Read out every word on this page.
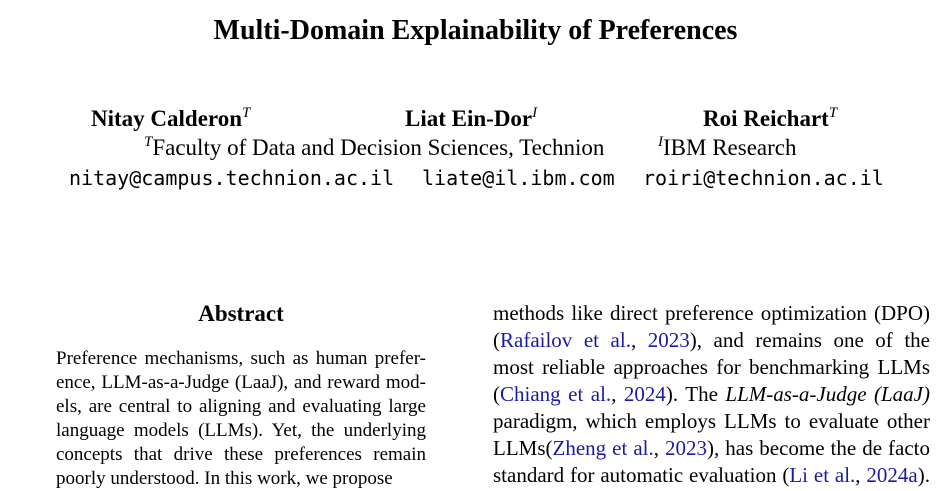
Multi-Domain Explainability of Preferences
Nitay Calderon$^T$	Liat Ein-Dor$^I$	Roi Reichart$^T$
$^T$Faculty of Data and Decision Sciences, Technion	$^I$IBM Research
nitay@campus.technion.ac.il liate@il.ibm.com roiri@technion.ac.il
Abstract
Preference mechanisms, such as human prefer-
ence, LLM-as-a-Judge (LaaJ), and reward mod-
els, are central to aligning and evaluating large
language models (LLMs). Yet, the underlying
concepts that drive these preferences remain
poorly understood. In this work, we propose
methods like direct preference optimization (DPO)
(Rafailov et al., 2023), and remains one of the
most reliable approaches for benchmarking LLMs
(Chiang et al., 2024). The LLM-as-a-Judge (LaaJ)
paradigm, which employs LLMs to evaluate other
LLMs(Zheng et al., 2023), has become the de facto
standard for automatic evaluation (Li et al., 2024a).
